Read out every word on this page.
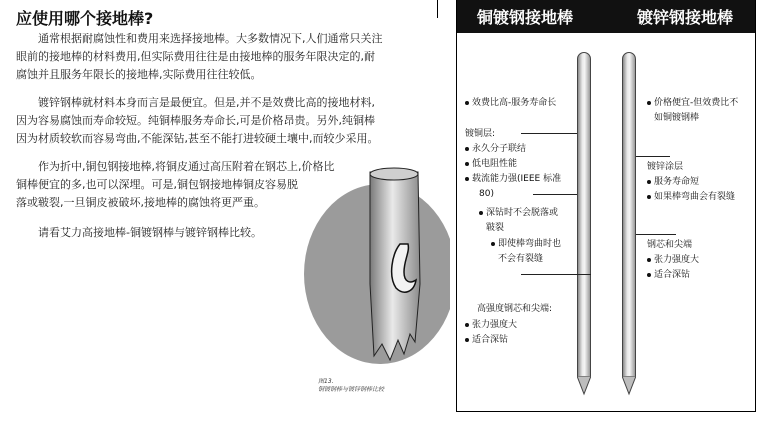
应使用哪个接地棒?

通常根据耐腐蚀性和费用来选择接地棒。大多数情况下,人们通常只关注
眼前的接地棒的材料费用,但实际费用往往是由接地棒的服务年限决定的,耐
腐蚀并且服务年限长的接地棒,实际费用往往较低。

镀锌钢棒就材料本身而言是最便宜。但是,并不是效费比高的接地材料,
因为容易腐蚀而寿命较短。纯铜棒服务寿命长,可是价格昂贵。另外,纯铜棒
因为材质较软而容易弯曲,不能深钻,甚至不能打进较硬土壤中,而较少采用。

作为折中,铜包钢接地棒,将铜皮通过高压附着在钢芯上,价格比
铜棒便宜的多,也可以深埋。可是,铜包钢接地棒铜皮容易脱
落或皲裂,一旦铜皮被破坏,接地棒的腐蚀将更严重。

请看艾力高接地棒-铜镀钢棒与镀锌钢棒比较。

图13.
铜镀钢棒与镀锌钢棒比较
铜镀钢接地棒	镀锌钢接地棒
效费比高-服务寿命长
镀铜层:
永久分子联结
低电阻性能
载流能力强(IEEE 标准
80)
深钻时不会脱落或
皲裂
即使棒弯曲时也
不会有裂缝
高强度钢芯和尖端:
张力强度大
适合深钻
价格便宜-但效费比不
如铜镀钢棒
镀锌涂层
服务寿命短
如果棒弯曲会有裂缝
钢芯和尖端
张力强度大
适合深钻
